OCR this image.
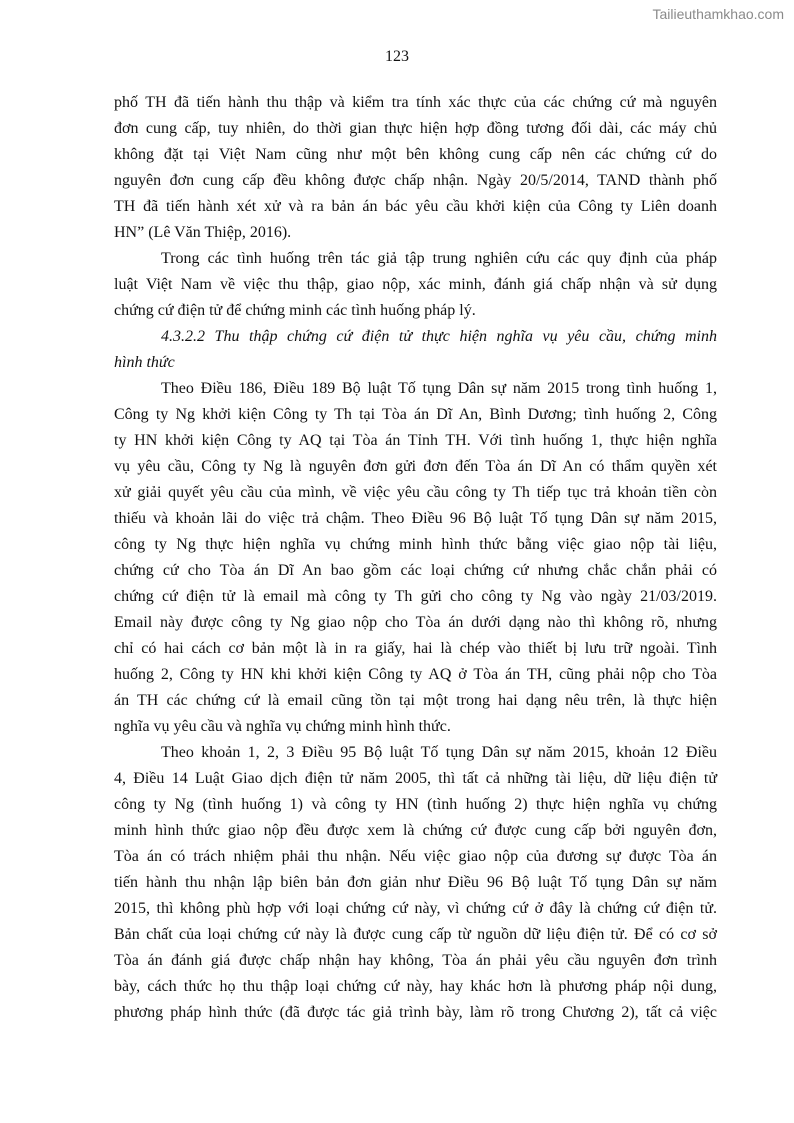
Tailieuthamkhao.com
123
phố TH đã tiến hành thu thập và kiểm tra tính xác thực của các chứng cứ mà nguyên
đơn cung cấp, tuy nhiên, do thời gian thực hiện hợp đồng tương đối dài, các máy chủ
không đặt tại Việt Nam cũng như một bên không cung cấp nên các chứng cứ do
nguyên đơn cung cấp đều không được chấp nhận. Ngày 20/5/2014, TAND thành phố
TH đã tiến hành xét xử và ra bản án bác yêu cầu khởi kiện của Công ty Liên doanh
HN” (Lê Văn Thiệp, 2016).
Trong các tình huống trên tác giả tập trung nghiên cứu các quy định của pháp
luật Việt Nam về việc thu thập, giao nộp, xác minh, đánh giá chấp nhận và sử dụng
chứng cứ điện tử để chứng minh các tình huống pháp lý.
4.3.2.2 Thu thập chứng cứ điện tử thực hiện nghĩa vụ yêu cầu, chứng minh
hình thức
Theo Điều 186, Điều 189 Bộ luật Tố tụng Dân sự năm 2015 trong tình huống 1,
Công ty Ng khởi kiện Công ty Th tại Tòa án Dĩ An, Bình Dương; tình huống 2, Công
ty HN khởi kiện Công ty AQ tại Tòa án Tỉnh TH. Với tình huống 1, thực hiện nghĩa
vụ yêu cầu, Công ty Ng là nguyên đơn gửi đơn đến Tòa án Dĩ An có thẩm quyền xét
xử giải quyết yêu cầu của mình, về việc yêu cầu công ty Th tiếp tục trả khoản tiền còn
thiếu và khoản lãi do việc trả chậm. Theo Điều 96 Bộ luật Tố tụng Dân sự năm 2015,
công ty Ng thực hiện nghĩa vụ chứng minh hình thức bằng việc giao nộp tài liệu,
chứng cứ cho Tòa án Dĩ An bao gồm các loại chứng cứ nhưng chắc chắn phải có
chứng cứ điện tử là email mà công ty Th gửi cho công ty Ng vào ngày 21/03/2019.
Email này được công ty Ng giao nộp cho Tòa án dưới dạng nào thì không rõ, nhưng
chỉ có hai cách cơ bản một là in ra giấy, hai là chép vào thiết bị lưu trữ ngoài. Tình
huống 2, Công ty HN khi khởi kiện Công ty AQ ở Tòa án TH, cũng phải nộp cho Tòa
án TH các chứng cứ là email cũng tồn tại một trong hai dạng nêu trên, là thực hiện
nghĩa vụ yêu cầu và nghĩa vụ chứng minh hình thức.
Theo khoản 1, 2, 3 Điều 95 Bộ luật Tố tụng Dân sự năm 2015, khoản 12 Điều
4, Điều 14 Luật Giao dịch điện tử năm 2005, thì tất cả những tài liệu, dữ liệu điện tử
công ty Ng (tình huống 1) và công ty HN (tình huống 2) thực hiện nghĩa vụ chứng
minh hình thức giao nộp đều được xem là chứng cứ được cung cấp bởi nguyên đơn,
Tòa án có trách nhiệm phải thu nhận. Nếu việc giao nộp của đương sự được Tòa án
tiến hành thu nhận lập biên bản đơn giản như Điều 96 Bộ luật Tố tụng Dân sự năm
2015, thì không phù hợp với loại chứng cứ này, vì chứng cứ ở đây là chứng cứ điện tử.
Bản chất của loại chứng cứ này là được cung cấp từ nguồn dữ liệu điện tử. Để có cơ sở
Tòa án đánh giá được chấp nhận hay không, Tòa án phải yêu cầu nguyên đơn trình
bày, cách thức họ thu thập loại chứng cứ này, hay khác hơn là phương pháp nội dung,
phương pháp hình thức (đã được tác giả trình bày, làm rõ trong Chương 2), tất cả việc
